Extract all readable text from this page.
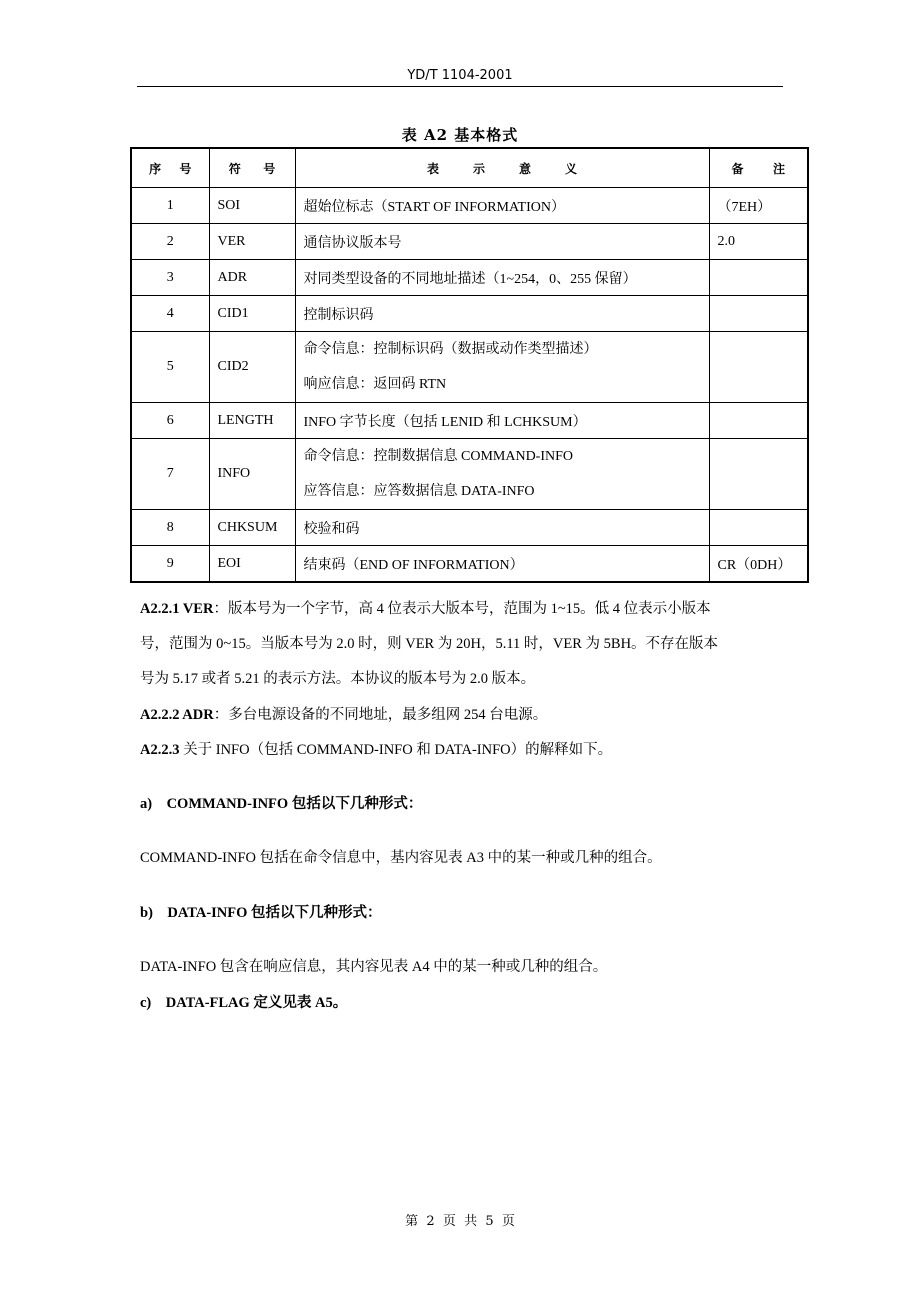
YD/T 1104-2001
表 A2 基本格式
序 号	符 号	表 示 意 义	备 注

1	SOI	超始位标志（START OF INFORMATION）	（7EH）
2	VER	通信协议版本号	2.0
3	ADR	对同类型设备的不同地址描述（1~254，0、255 保留）	
4	CID1	控制标识码	
5	CID2	命令信息：控制标识码（数据或动作类型描述）
响应信息：返回码 RTN	

6	LENGTH	INFO 字节长度（包括 LENID 和 LCHKSUM）	
7	INFO	命令信息：控制数据信息 COMMAND-INFO
应答信息：应答数据信息 DATA-INFO	

8	CHKSUM	校验和码	
9	EOI	结束码（END OF INFORMATION）	CR（0DH）
A2.2.1 VER：版本号为一个字节，高 4 位表示大版本号，范围为 1~15。低 4 位表示小版本
号，范围为 0~15。当版本号为 2.0 时，则 VER 为 20H，5.11 时，VER 为 5BH。不存在版本
号为 5.17 或者 5.21 的表示方法。本协议的版本号为 2.0 版本。
A2.2.2 ADR：多台电源设备的不同地址，最多组网 254 台电源。
A2.2.3 关于 INFO（包括 COMMAND-INFO 和 DATA-INFO）的解释如下。
a)    COMMAND-INFO 包括以下几种形式：
COMMAND-INFO 包括在命令信息中，基内容见表 A3 中的某一种或几种的组合。
b)    DATA-INFO 包括以下几种形式：
DATA-INFO 包含在响应信息，其内容见表 A4 中的某一种或几种的组合。
c)    DATA-FLAG 定义见表 A5。
第  2  页  共  5  页
